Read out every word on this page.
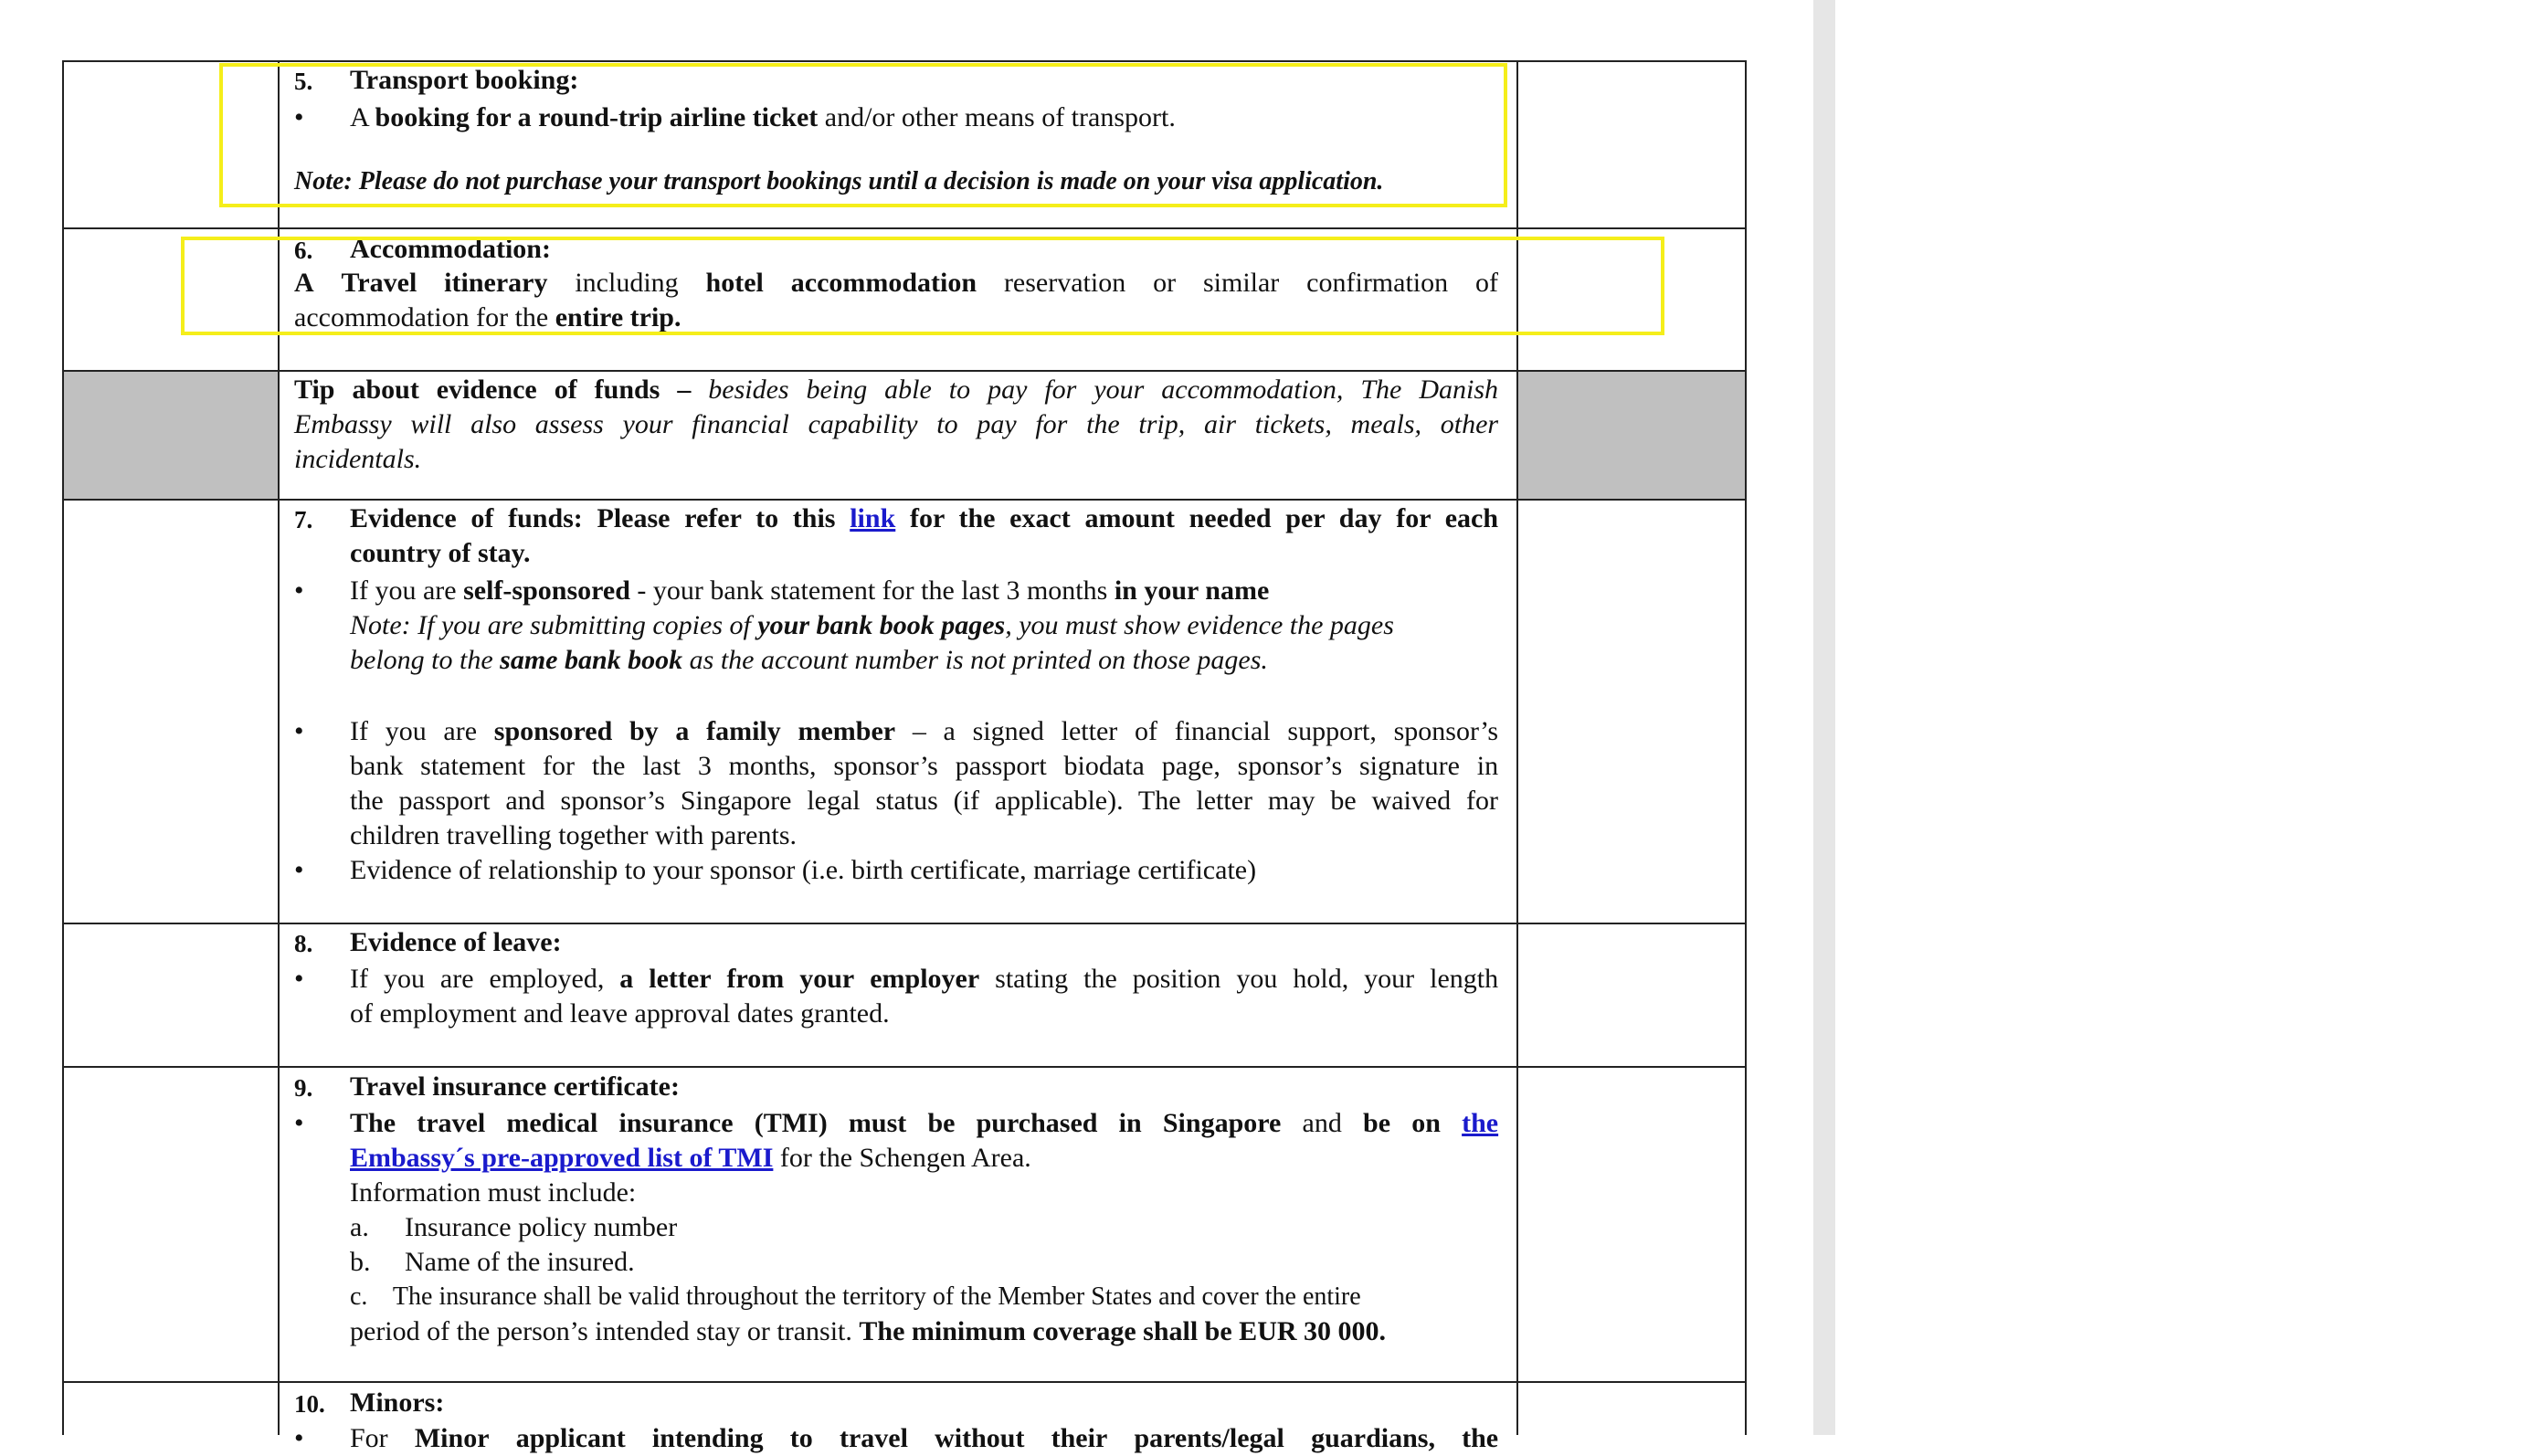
5. Transport booking:
• A booking for a round-trip airline ticket and/or other means of transport.
Note: Please do not purchase your transport bookings until a decision is made on your visa application.
6. Accommodation:
A Travel itinerary including hotel accommodation reservation or similar confirmation of
accommodation for the entire trip.
Tip about evidence of funds – besides being able to pay for your accommodation, The Danish
Embassy will also assess your financial capability to pay for the trip, air tickets, meals, other
incidentals.
7. Evidence of funds: Please refer to this link for the exact amount needed per day for each
country of stay.
• If you are self-sponsored - your bank statement for the last 3 months in your name
Note: If you are submitting copies of your bank book pages, you must show evidence the pages
belong to the same bank book as the account number is not printed on those pages.
• If you are sponsored by a family member – a signed letter of financial support, sponsor’s
bank statement for the last 3 months, sponsor’s passport biodata page, sponsor’s signature in
the passport and sponsor’s Singapore legal status (if applicable). The letter may be waived for
children travelling together with parents.
• Evidence of relationship to your sponsor (i.e. birth certificate, marriage certificate)
8. Evidence of leave:
• If you are employed, a letter from your employer stating the position you hold, your length
of employment and leave approval dates granted.
9. Travel insurance certificate:
• The travel medical insurance (TMI) must be purchased in Singapore and be on the
Embassy´s pre-approved list of TMI for the Schengen Area.
Information must include:
a. Insurance policy number
b. Name of the insured.
c.    The insurance shall be valid throughout the territory of the Member States and cover the entire
period of the person’s intended stay or transit. The minimum coverage shall be EUR 30 000.
10. Minors:
• For Minor applicant intending to travel without their parents/legal guardians, the
